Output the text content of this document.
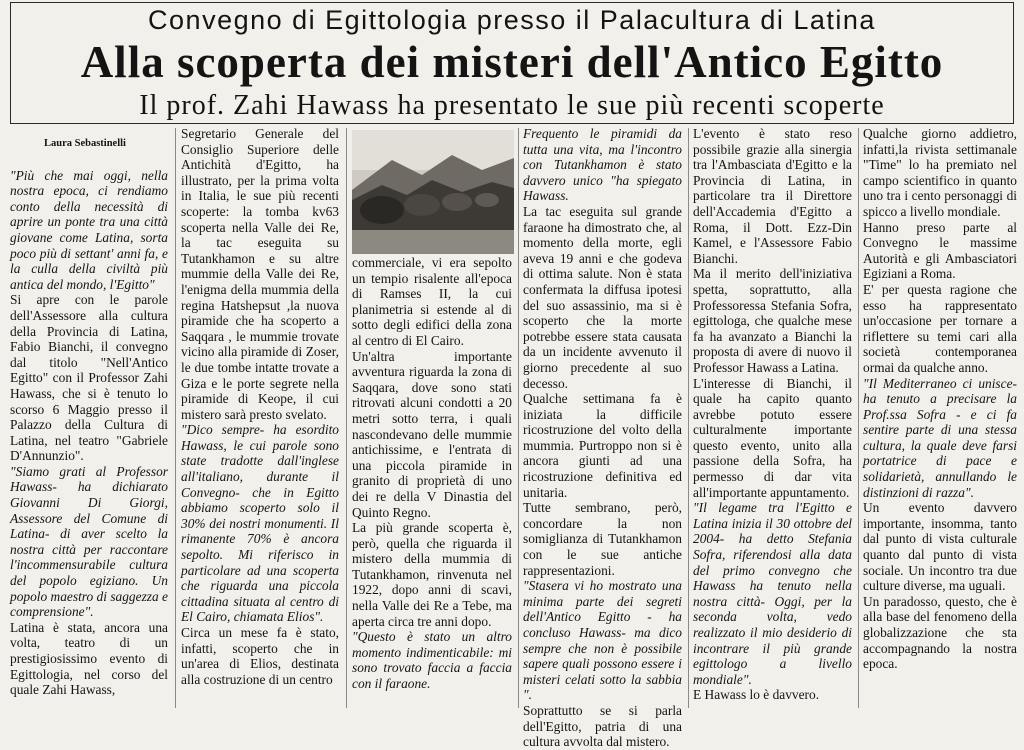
Convegno di Egittologia presso il Palacultura di Latina
Alla scoperta dei misteri dell'Antico Egitto
Il prof. Zahi Hawass ha presentato le sue più recenti scoperte
Laura Sebastinelli

"Più che mai oggi, nella nostra epoca, ci rendiamo conto della necessità di aprire un ponte tra una città giovane come Latina, sorta poco più di settant' anni fa, e la culla della civiltà più antica del mondo, l'Egitto"

Si apre con le parole dell'Assessore alla cultura della Provincia di Latina, Fabio Bianchi, il convegno dal titolo "Nell'Antico Egitto" con il Professor Zahi Hawass, che si è tenuto lo scorso 6 Maggio presso il Palazzo della Cultura di Latina, nel teatro "Gabriele D'Annunzio".

"Siamo grati al Professor Hawass- ha dichiarato Giovanni Di Giorgi, Assessore del Comune di Latina- di aver scelto la nostra città per raccontare l'incommensurabile cultura del popolo egiziano. Un popolo maestro di saggezza e comprensione".

Latina è stata, ancora una volta, teatro di un prestigiosissimo evento di Egittologia, nel corso del quale Zahi Hawass,

Segretario Generale del Consiglio Superiore delle Antichità d'Egitto, ha illustrato, per la prima volta in Italia, le sue più recenti scoperte: la tomba kv63 scoperta nella Valle dei Re, la tac eseguita su Tutankhamon e su altre mummie della Valle dei Re, l'enigma della mummia della regina Hatshepsut ,la nuova piramide che ha scoperto a Saqqara , le mummie trovate vicino alla piramide di Zoser, le due tombe intatte trovate a Giza e le porte segrete nella piramide di Keope, il cui mistero sarà presto svelato.

"Dico sempre- ha esordito Hawass, le cui parole sono state tradotte dall'inglese all'italiano, durante il Convegno- che in Egitto abbiamo scoperto solo il 30% dei nostri monumenti. Il rimanente 70% è ancora sepolto. Mi riferisco in particolare ad una scoperta che riguarda una piccola cittadina situata al centro di El Cairo, chiamata Elios".

Circa un mese fa è stato, infatti, scoperto che in un'area di Elios, destinata alla costruzione di un centro

commerciale, vi era sepolto un tempio risalente all'epoca di Ramses II, la cui planimetria si estende al di sotto degli edifici della zona al centro di El Cairo.

Un'altra importante avventura riguarda la zona di Saqqara, dove sono stati ritrovati alcuni condotti a 20 metri sotto terra, i quali nascondevano delle mummie antichissime, e l'entrata di una piccola piramide in granito di proprietà di uno dei re della V Dinastia del Quinto Regno.

La più grande scoperta è, però, quella che riguarda il mistero della mummia di Tutankhamon, rinvenuta nel 1922, dopo anni di scavi, nella Valle dei Re a Tebe, ma aperta circa tre anni dopo.

"Questo è stato un altro momento indimenticabile: mi sono trovato faccia a faccia con il faraone.

Frequento le piramidi da tutta una vita, ma l'incontro con Tutankhamon è stato davvero unico "ha spiegato Hawass.

La tac eseguita sul grande faraone ha dimostrato che, al momento della morte, egli aveva 19 anni e che godeva di ottima salute. Non è stata confermata la diffusa ipotesi del suo assassinio, ma si è scoperto che la morte potrebbe essere stata causata da un incidente avvenuto il giorno precedente al suo decesso.

Qualche settimana fa è iniziata la difficile ricostruzione del volto della mummia. Purtroppo non si è ancora giunti ad una ricostruzione definitiva ed unitaria.

Tutte sembrano, però, concordare la non somiglianza di Tutankhamon con le sue antiche rappresentazioni.

"Stasera vi ho mostrato una minima parte dei segreti dell'Antico Egitto - ha concluso Hawass- ma dico sempre che non è possibile sapere quali possono essere i misteri celati sotto la sabbia ".

Soprattutto se si parla dell'Egitto, patria di una cultura avvolta dal mistero.

L'evento è stato reso possibile grazie alla sinergia tra l'Ambasciata d'Egitto e la Provincia di Latina, in particolare tra il Direttore dell'Accademia d'Egitto a Roma, il Dott. Ezz-Din Kamel, e l'Assessore Fabio Bianchi.

Ma il merito dell'iniziativa spetta, soprattutto, alla Professoressa Stefania Sofra, egittologa, che qualche mese fa ha avanzato a Bianchi la proposta di avere di nuovo il Professor Hawass a Latina.

L'interesse di Bianchi, il quale ha capito quanto avrebbe potuto essere culturalmente importante questo evento, unito alla passione della Sofra, ha permesso di dar vita all'importante appuntamento.

"Il legame tra l'Egitto e Latina inizia il 30 ottobre del 2004- ha detto Stefania Sofra, riferendosi alla data del primo convegno che Hawass ha tenuto nella nostra città- Oggi, per la seconda volta, vedo realizzato il mio desiderio di incontrare il più grande egittologo a livello mondiale".

E Hawass lo è davvero.

Qualche giorno addietro, infatti,la rivista settimanale "Time" lo ha premiato nel campo scientifico in quanto uno tra i cento personaggi di spicco a livello mondiale.

Hanno preso parte al Convegno le massime Autorità e gli Ambasciatori Egiziani a Roma.

E' per questa ragione che esso ha rappresentato un'occasione per tornare a riflettere su temi cari alla società contemporanea ormai da qualche anno.

"Il Mediterraneo ci unisce- ha tenuto a precisare la Prof.ssa Sofra - e ci fa sentire parte di una stessa cultura, la quale deve farsi portatrice di pace e solidarietà, annullando le distinzioni di razza".

Un evento davvero importante, insomma, tanto dal punto di vista culturale quanto dal punto di vista sociale. Un incontro tra due culture diverse, ma uguali.

Un paradosso, questo, che è alla base del fenomeno della globalizzazione che sta accompagnando la nostra epoca.
